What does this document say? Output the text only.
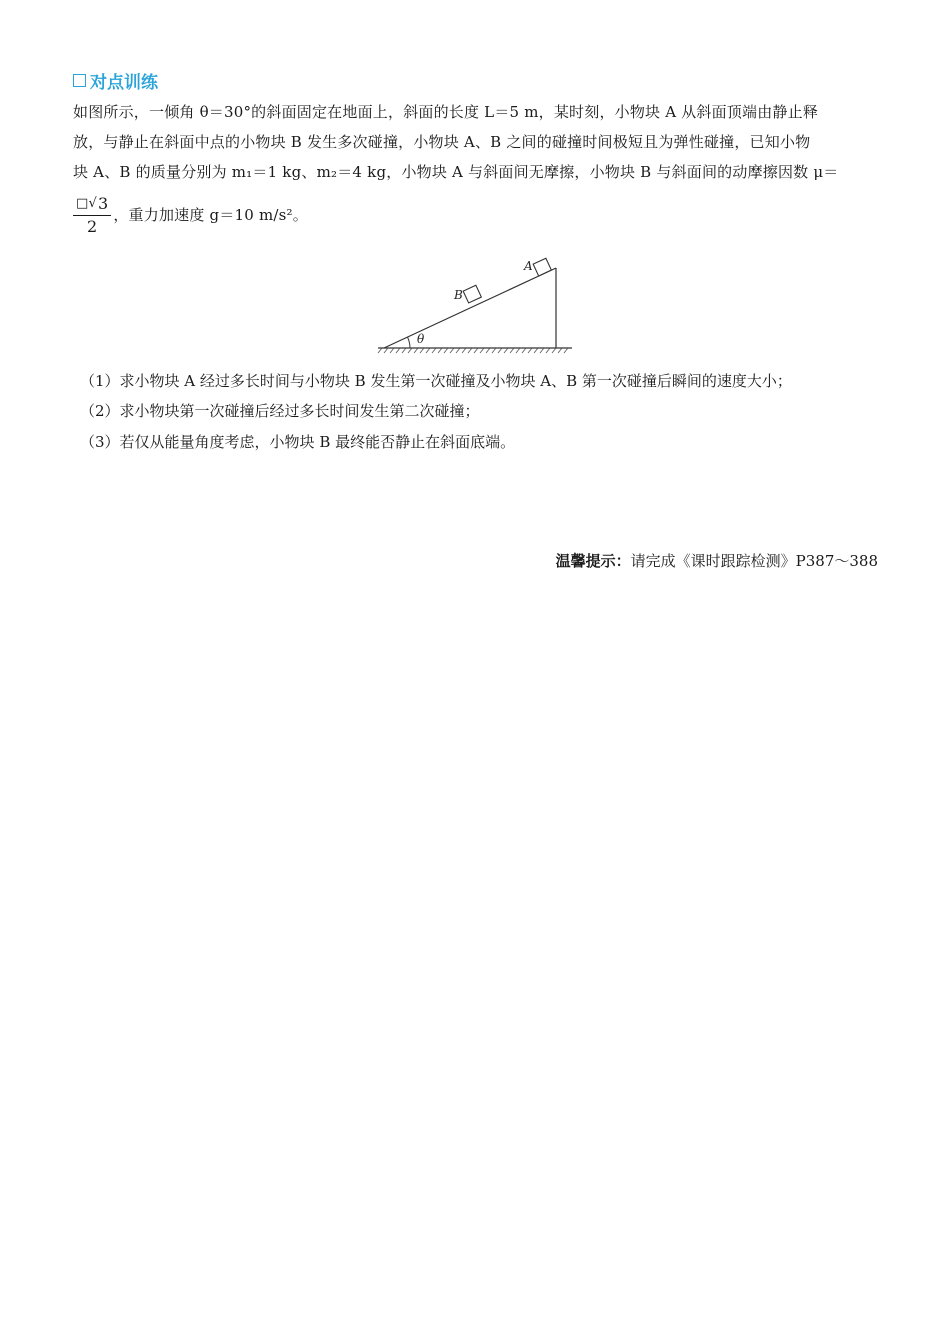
对点训练
如图所示，一倾角 θ＝30°的斜面固定在地面上，斜面的长度 L＝5 m，某时刻，小物块 A 从斜面顶端由静止释
放，与静止在斜面中点的小物块 B 发生多次碰撞，小物块 A、B 之间的碰撞时间极短且为弹性碰撞，已知小物
块 A、B 的质量分别为 m₁＝1 kg、m₂＝4 kg，小物块 A 与斜面间无摩擦，小物块 B 与斜面间的动摩擦因数 μ＝
$\frac{□√ 3}{2}$ ，重力加速度 g＝10 m/s²。
θ
B
A
（1）求小物块 A 经过多长时间与小物块 B 发生第一次碰撞及小物块 A、B 第一次碰撞后瞬间的速度大小；
（2）求小物块第一次碰撞后经过多长时间发生第二次碰撞；
（3）若仅从能量角度考虑，小物块 B 最终能否静止在斜面底端。
温馨提示：请完成《课时跟踪检测》P387～388
